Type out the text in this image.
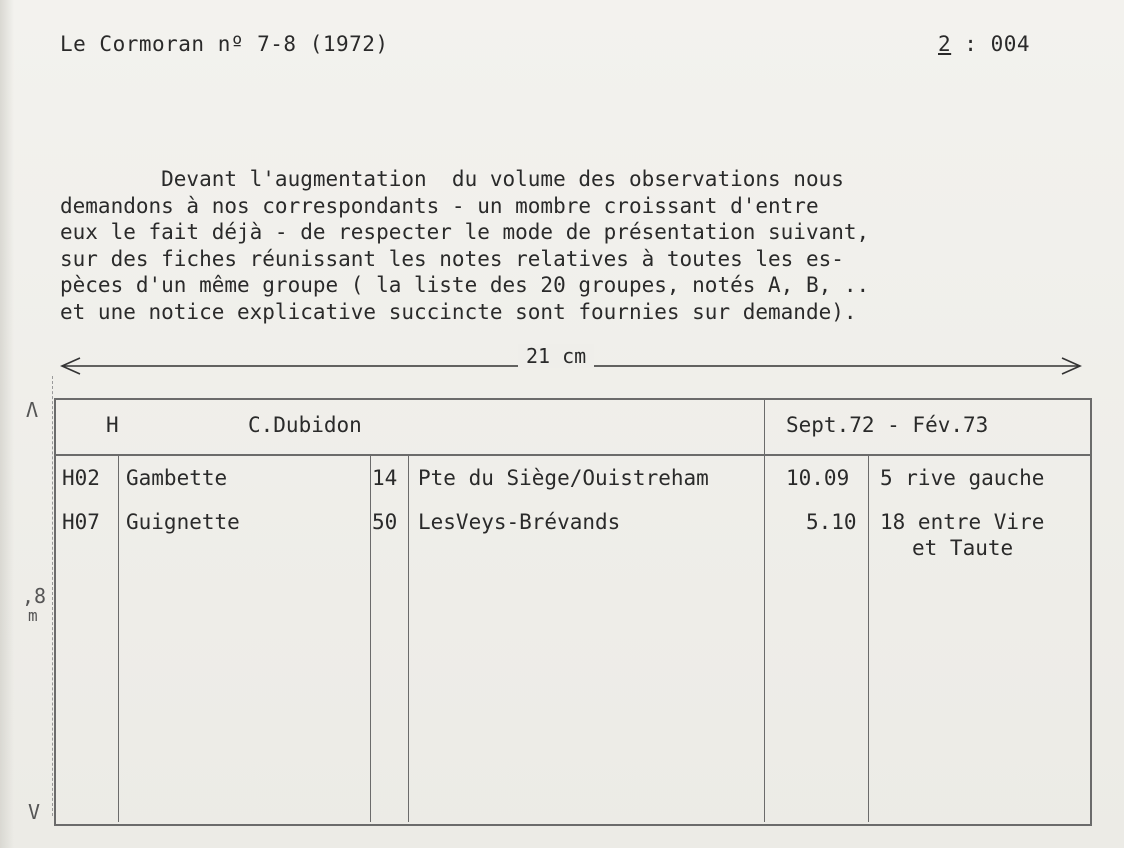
Le Cormoran nº 7-8 (1972)	2 : 004
Devant l'augmentation  du volume des observations nous
demandons à nos correspondants - un mombre croissant d'entre
eux le fait déjà - de respecter le mode de présentation suivant,
sur des fiches réunissant les notes relatives à toutes les es-
pèces d'un même groupe ( la liste des 20 groupes, notés A, B, ..
et une notice explicative succincte sont fournies sur demande).
21 cm
H	C.Dubidon	Sept.72 - Fév.73
H02 Gambette	14 Pte du Siège/Ouistreham	10.09 5 rive gauche
H07 Guignette	50 LesVeys-Brévands	5.10 18 entre Vire
et Taute
Λ
,8
m
V
